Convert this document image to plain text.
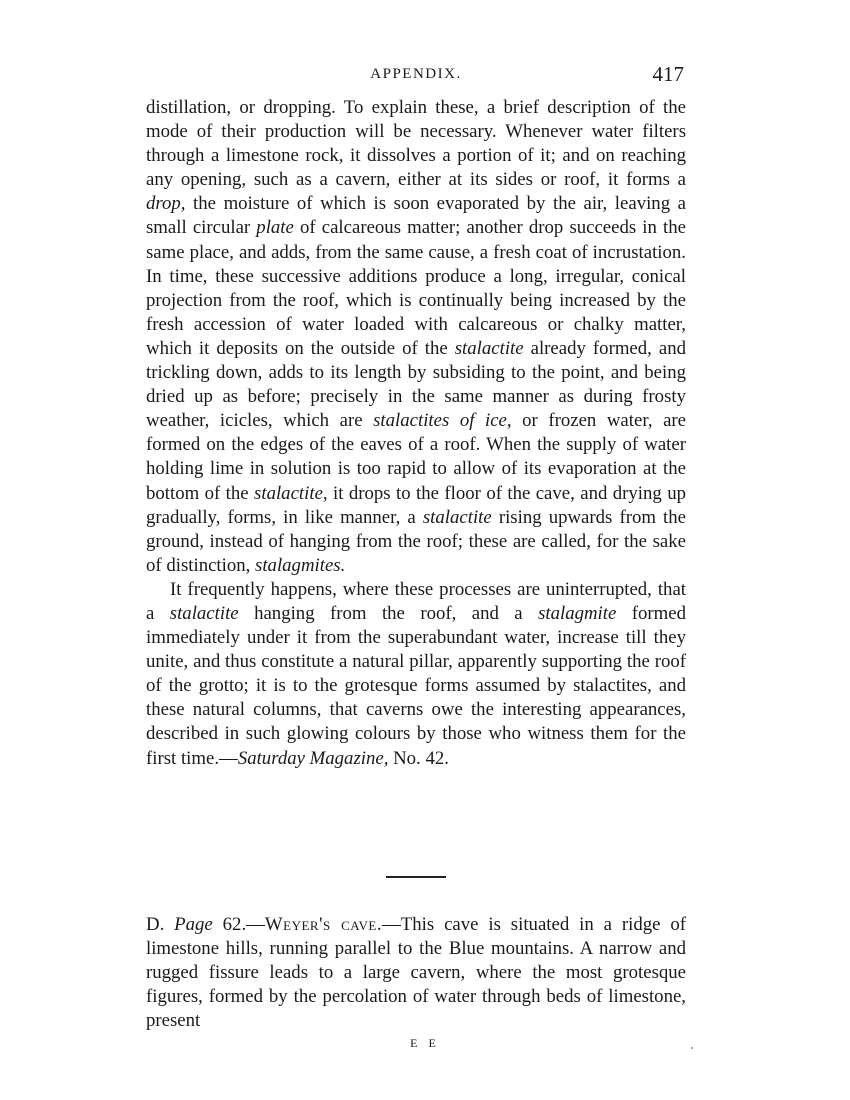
APPENDIX.	417

distillation, or dropping. To explain these, a brief description of the mode of their production will be necessary. Whenever water filters through a limestone rock, it dissolves a portion of it; and on reaching any opening, such as a cavern, either at its sides or roof, it forms a drop, the moisture of which is soon evaporated by the air, leaving a small circular plate of calcareous matter; another drop succeeds in the same place, and adds, from the same cause, a fresh coat of incrustation. In time, these successive additions produce a long, irregular, conical projection from the roof, which is continually being increased by the fresh accession of water loaded with calcareous or chalky matter, which it deposits on the outside of the stalactite already formed, and trickling down, adds to its length by subsiding to the point, and being dried up as before; precisely in the same manner as during frosty weather, icicles, which are stalactites of ice, or frozen water, are formed on the edges of the eaves of a roof. When the supply of water holding lime in solution is too rapid to allow of its evaporation at the bottom of the stalactite, it drops to the floor of the cave, and drying up gradually, forms, in like manner, a stalactite rising upwards from the ground, instead of hanging from the roof; these are called, for the sake of distinction, stalagmites.

It frequently happens, where these processes are uninterrupted, that a stalactite hanging from the roof, and a stalagmite formed immediately under it from the superabundant water, increase till they unite, and thus constitute a natural pillar, apparently supporting the roof of the grotto; it is to the grotesque forms assumed by stalactites, and these natural columns, that caverns owe the interesting appearances, described in such glowing colours by those who witness them for the first time.—Saturday Magazine, No. 42.

D. Page 62.—Weyer's cave.—This cave is situated in a ridge of limestone hills, running parallel to the Blue mountains. A narrow and rugged fissure leads to a large cavern, where the most grotesque figures, formed by the percolation of water through beds of limestone, present

E E
